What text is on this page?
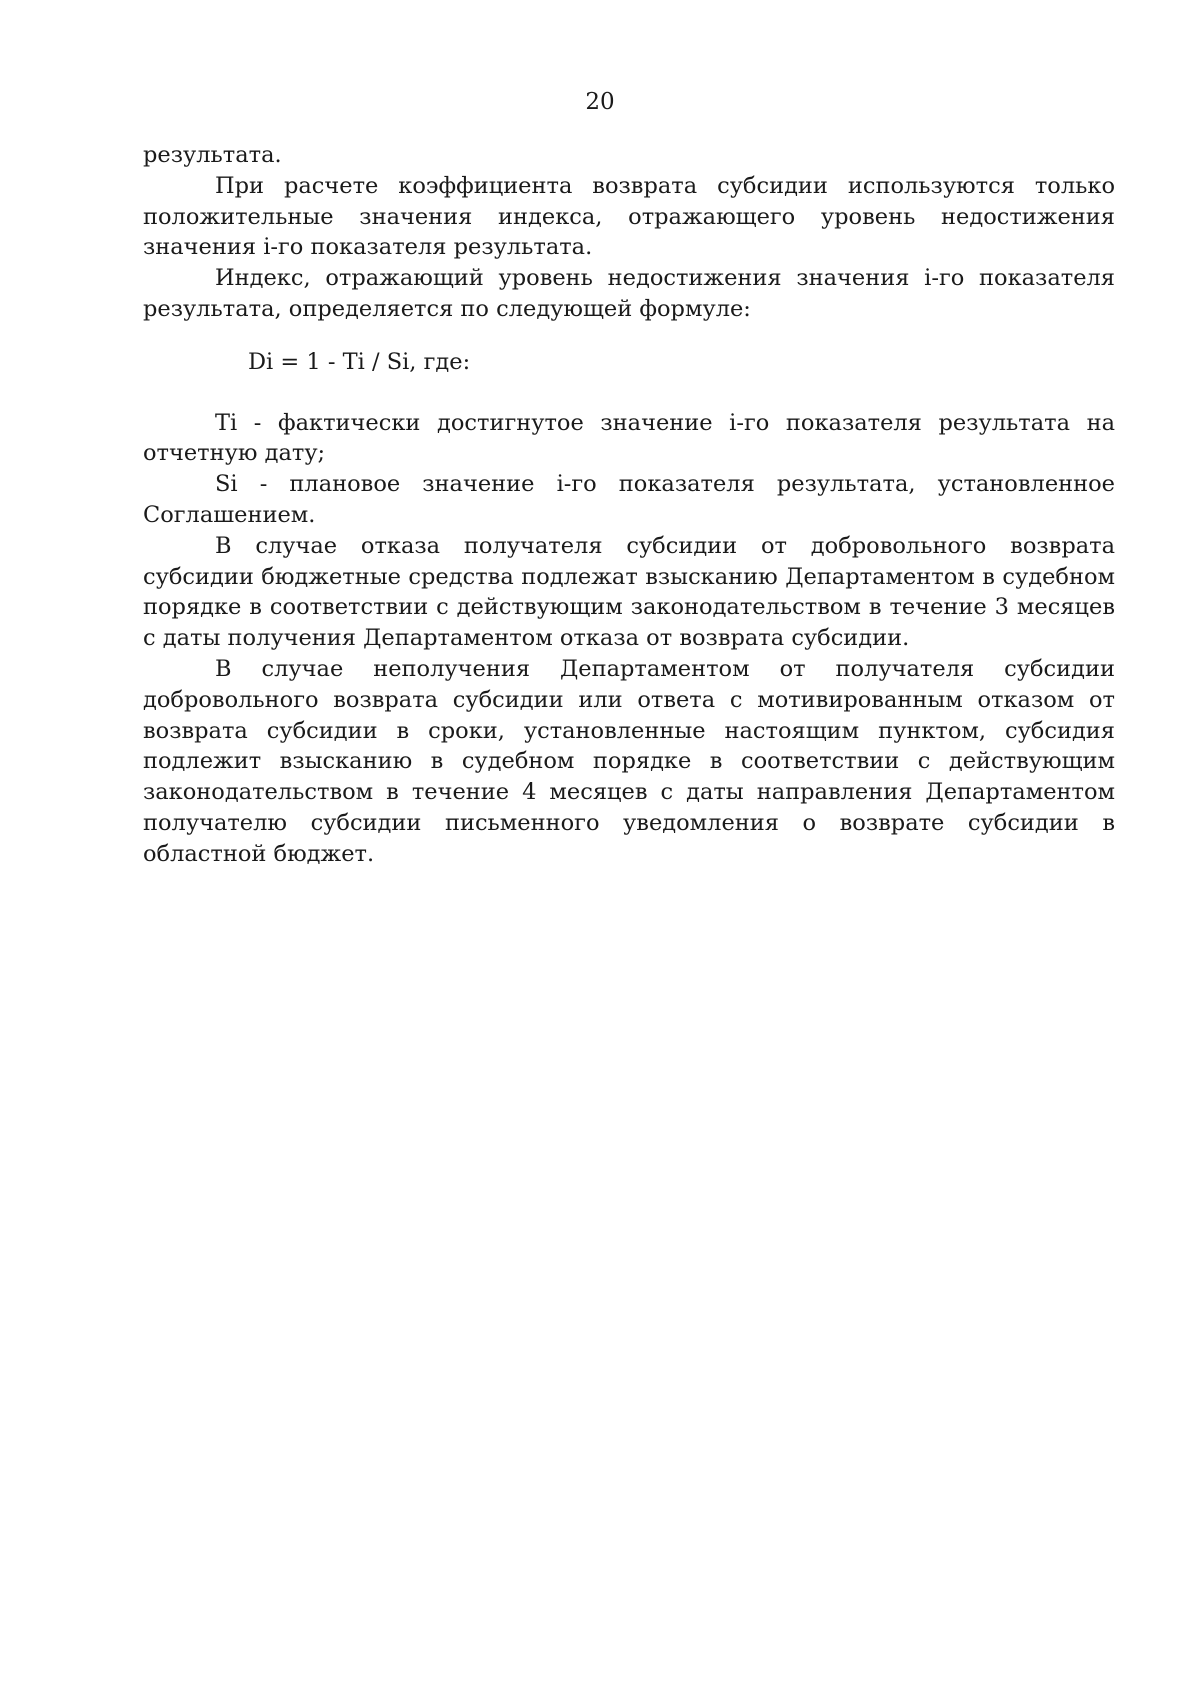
20

результата.

При расчете коэффициента возврата субсидии используются только положительные значения индекса, отражающего уровень недостижения значения i-го показателя результата.

Индекс, отражающий уровень недостижения значения i-го показателя результата, определяется по следующей формуле:

Di = 1 - Ti / Si, где:

Ti - фактически достигнутое значение i-го показателя результата на отчетную дату;

Si - плановое значение i-го показателя результата, установленное Соглашением.

В случае отказа получателя субсидии от добровольного возврата субсидии бюджетные средства подлежат взысканию Департаментом в судебном порядке в соответствии с действующим законодательством в течение 3 месяцев с даты получения Департаментом отказа от возврата субсидии.

В случае неполучения Департаментом от получателя субсидии добровольного возврата субсидии или ответа с мотивированным отказом от возврата субсидии в сроки, установленные настоящим пунктом, субсидия подлежит взысканию в судебном порядке в соответствии с действующим законодательством в течение 4 месяцев с даты направления Департаментом получателю субсидии письменного уведомления о возврате субсидии в областной бюджет.
